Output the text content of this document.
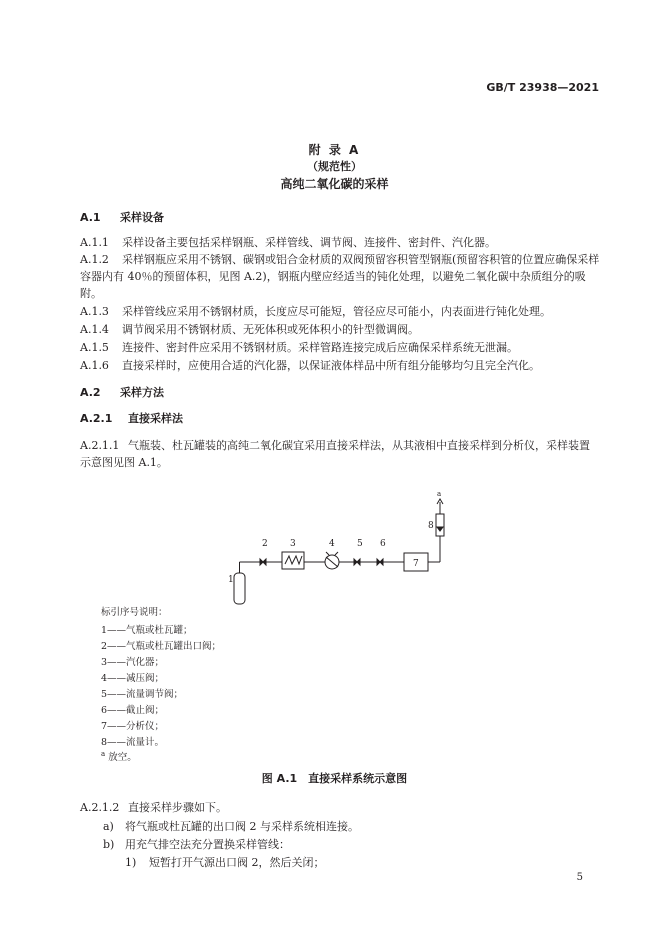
GB/T 23938—2021
附 录 A
（规范性）
高纯二氧化碳的采样
A.1 采样设备
A.1.1 采样设备主要包括采样钢瓶、采样管线、调节阀、连接件、密封件、汽化器。
A.1.2 采样钢瓶应采用不锈钢、碳钢或铝合金材质的双阀预留容积管型钢瓶(预留容积管的位置应确保采样容器内有 40％的预留体积，见图 A.2)，钢瓶内壁应经适当的钝化处理，以避免二氧化碳中杂质组分的吸附。
A.1.3 采样管线应采用不锈钢材质，长度应尽可能短，管径应尽可能小，内表面进行钝化处理。
A.1.4 调节阀采用不锈钢材质、无死体积或死体积小的针型微调阀。
A.1.5 连接件、密封件应采用不锈钢材质。采样管路连接完成后应确保采样系统无泄漏。
A.1.6 直接采样时，应使用合适的汽化器，以保证液体样品中所有组分能够均匀且完全汽化。
A.2 采样方法
A.2.1 直接采样法
A.2.1.1 气瓶装、杜瓦罐装的高纯二氧化碳宜采用直接采样法，从其液相中直接采样到分析仪，采样装置示意图见图 A.1。
1
2 3	4 5 6
7
8
a
标引序号说明：
1——气瓶或杜瓦罐；
2——气瓶或杜瓦罐出口阀；
3——汽化器；
4——减压阀；
5——流量调节阀；
6——截止阀；
7——分析仪；
8——流量计。
$^a$ 放空。
图 A.1　直接采样系统示意图
A.2.1.2 直接采样步骤如下。
a) 将气瓶或杜瓦罐的出口阀 2 与采样系统相连接。
b) 用充气排空法充分置换采样管线：
1) 短暂打开气源出口阀 2，然后关闭；
5
